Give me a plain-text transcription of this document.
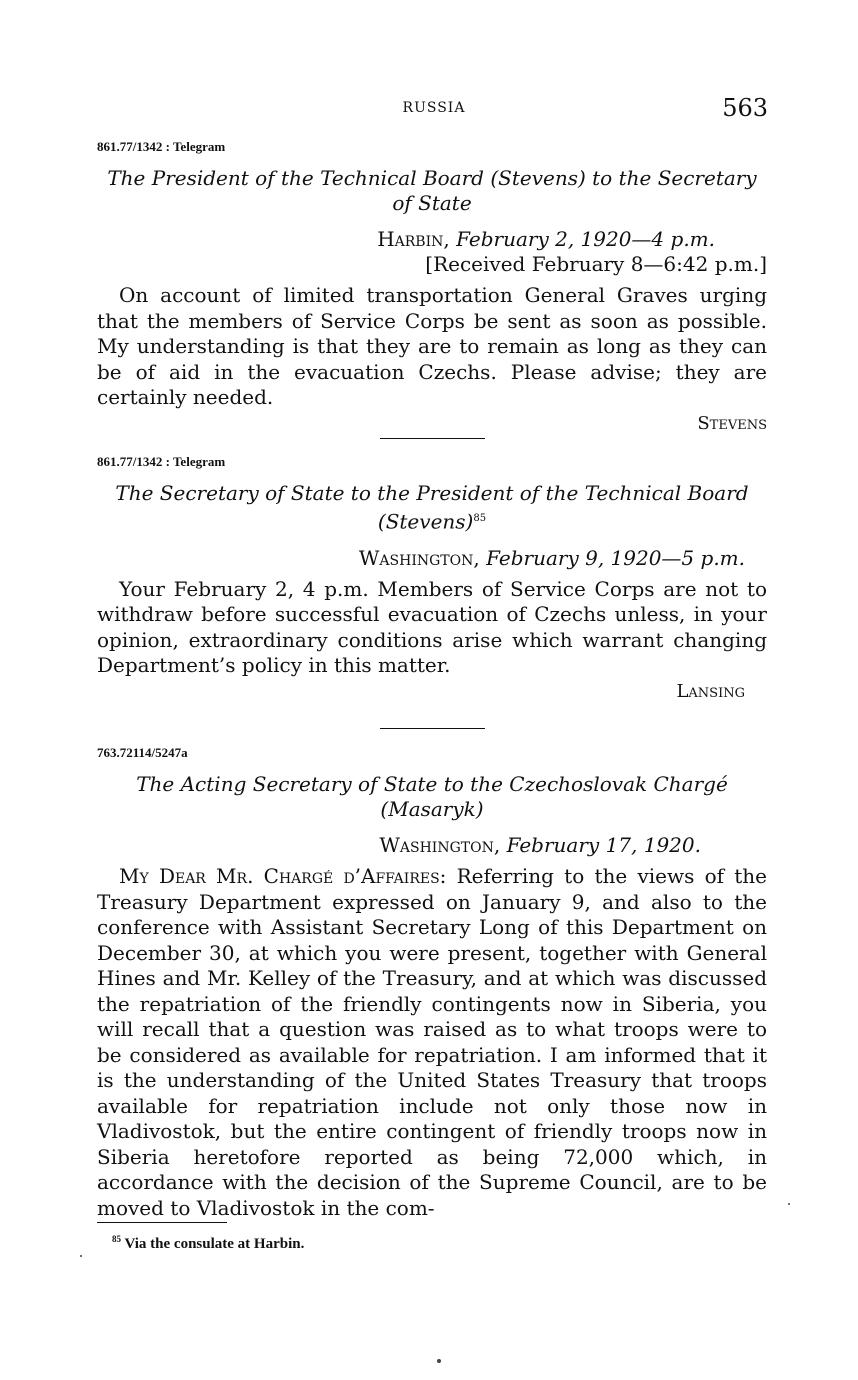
RUSSIA	563
861.77/1342 : Telegram
The President of the Technical Board (Stevens) to the Secretary
of State
Harbin, February 2, 1920—4 p.m.
[Received February 8—6:42 p.m.]
On account of limited transportation General Graves urging that the members of Service Corps be sent as soon as possible. My understanding is that they are to remain as long as they can be of aid in the evacuation Czechs. Please advise; they are certainly needed.
Stevens
861.77/1342 : Telegram
The Secretary of State to the President of the Technical Board
(Stevens)$^{85}$
Washington, February 9, 1920—5 p.m.
Your February 2, 4 p.m. Members of Service Corps are not to withdraw before successful evacuation of Czechs unless, in your opinion, extraordinary conditions arise which warrant changing Department’s policy in this matter.
Lansing
763.72114/5247a
The Acting Secretary of State to the Czechoslovak Chargé
(Masaryk)
Washington, February 17, 1920.
My Dear Mr. Chargé d’Affaires: Referring to the views of the Treasury Department expressed on January 9, and also to the conference with Assistant Secretary Long of this Department on December 30, at which you were present, together with General Hines and Mr. Kelley of the Treasury, and at which was discussed the repatriation of the friendly contingents now in Siberia, you will recall that a question was raised as to what troops were to be considered as available for repatriation. I am informed that it is the understanding of the United States Treasury that troops available for repatriation include not only those now in Vladivostok, but the entire contingent of friendly troops now in Siberia heretofore reported as being 72,000 which, in accordance with the decision of the Supreme Council, are to be moved to Vladivostok in the com-
$^{85}$ Via the consulate at Harbin.
